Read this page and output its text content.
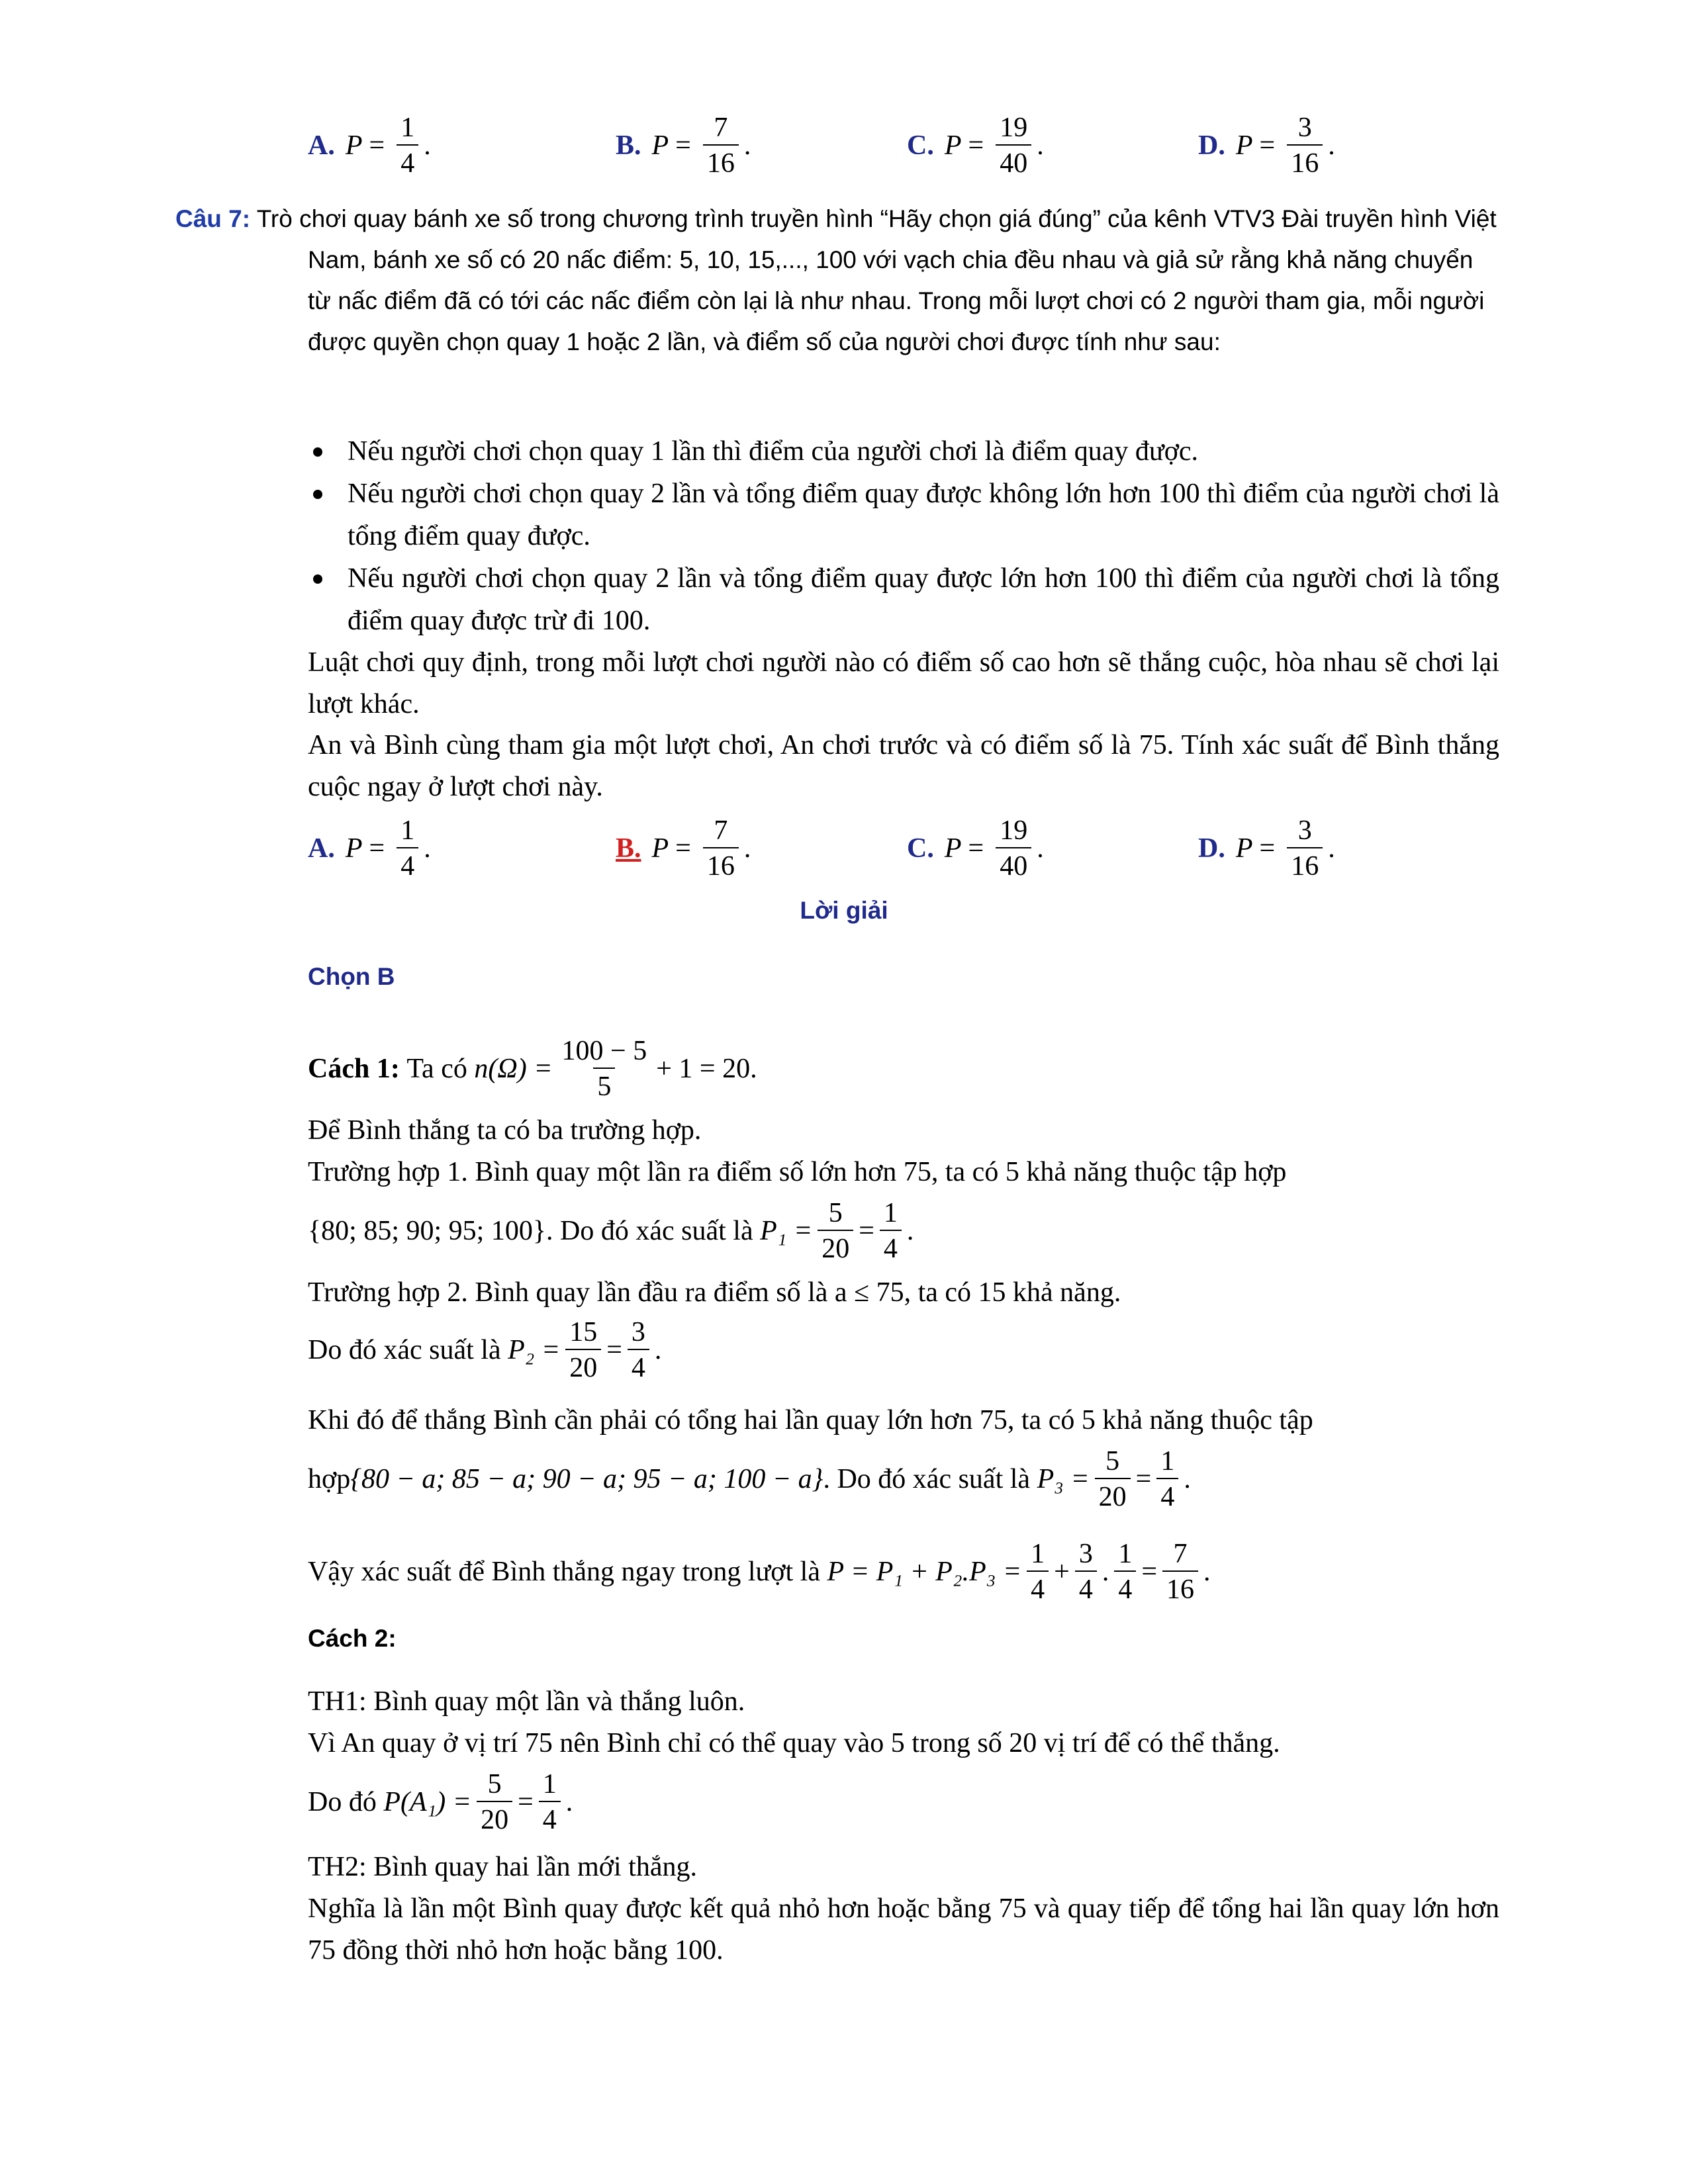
A. $P = \frac{1}{4}$ .	B. $P = \frac{7}{16}$ .	C. $P = \frac{19}{40}$ .	D. $P = \frac{3}{16}$ .
Câu 7: Trò chơi quay bánh xe số trong chương trình truyền hình “Hãy chọn giá đúng” của kênh VTV3 Đài truyền hình Việt Nam, bánh xe số có 20 nấc điểm: 5, 10, 15,..., 100 với vạch chia đều nhau và giả sử rằng khả năng chuyển từ nấc điểm đã có tới các nấc điểm còn lại là như nhau. Trong mỗi lượt chơi có 2 người tham gia, mỗi người được quyền chọn quay 1 hoặc 2 lần, và điểm số của người chơi được tính như sau:
Nếu người chơi chọn quay 1 lần thì điểm của người chơi là điểm quay được.
Nếu người chơi chọn quay 2 lần và tổng điểm quay được không lớn hơn 100 thì điểm của người chơi là tổng điểm quay được.
Nếu người chơi chọn quay 2 lần và tổng điểm quay được lớn hơn 100 thì điểm của người chơi là tổng điểm quay được trừ đi 100.
Luật chơi quy định, trong mỗi lượt chơi người nào có điểm số cao hơn sẽ thắng cuộc, hòa nhau sẽ chơi lại lượt khác.
An và Bình cùng tham gia một lượt chơi, An chơi trước và có điểm số là 75. Tính xác suất để Bình thắng cuộc ngay ở lượt chơi này.
A. $P = \frac{1}{4}$ .	B. $P = \frac{7}{16}$ .	C. $P = \frac{19}{40}$ .	D. $P = \frac{3}{16}$ .
Lời giải
Chọn B
Cách 1:
Ta có
$n(\Omega) = \frac{100 - 5}{5} + 1 = 20$.
Để Bình thắng ta có ba trường hợp.
Trường hợp 1. Bình quay một lần ra điểm số lớn hơn 75, ta có 5 khả năng thuộc tập hợp
{80; 85; 90; 95; 100} . Do đó xác suất là
$P_1 = \frac{5}{20} = \frac{1}{4}$ .
Trường hợp 2. Bình quay lần đầu ra điểm số là a ≤ 75, ta có 15 khả năng.
Do đó xác suất là
$P_2 = \frac{15}{20} = \frac{3}{4}$ .
Khi đó để thắng Bình cần phải có tổng hai lần quay lớn hơn 75, ta có 5 khả năng thuộc tập
hợp {80 − a; 85 − a; 90 − a; 95 − a; 100 − a} . Do đó xác suất là
$P_3 = \frac{5}{20} = \frac{1}{4}$ .
Vậy xác suất để Bình thắng ngay trong lượt là
$P = P_1 + P_2.P_3 = \frac{1}{4} + \frac{3}{4}$ . $\frac{1}{4} = \frac{7}{16}$ .
Cách 2:
TH1: Bình quay một lần và thắng luôn.
Vì An quay ở vị trí 75 nên Bình chỉ có thể quay vào 5 trong số 20 vị trí để có thể thắng.
Do đó
$P(A_1) = \frac{5}{20} = \frac{1}{4}$ .
TH2: Bình quay hai lần mới thắng.
Nghĩa là lần một Bình quay được kết quả nhỏ hơn hoặc bằng 75 và quay tiếp để tổng hai lần quay lớn hơn 75 đồng thời nhỏ hơn hoặc bằng 100.
